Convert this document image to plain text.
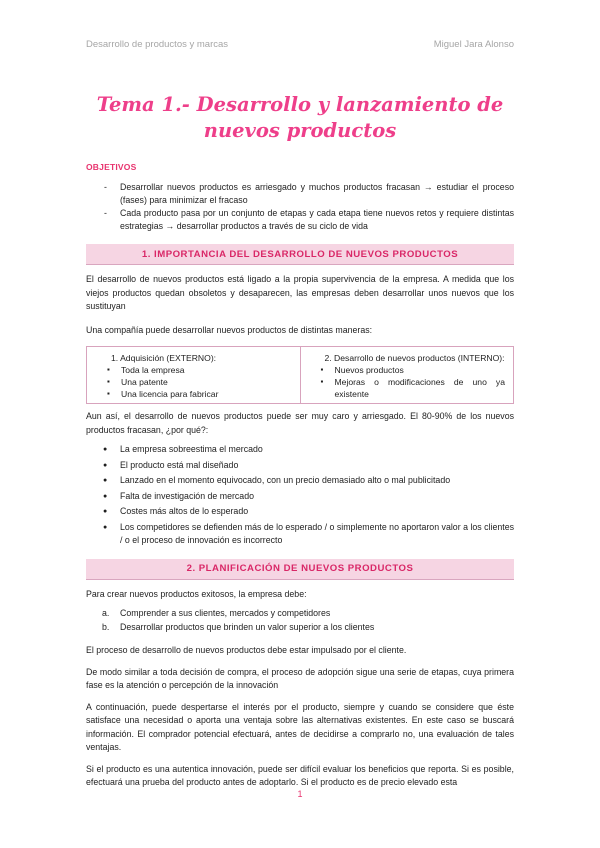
Desarrollo de productos y marcas	Miguel Jara Alonso
Tema 1.- Desarrollo y lanzamiento de nuevos productos
OBJETIVOS
- Desarrollar nuevos productos es arriesgado y muchos productos fracasan → estudiar el proceso (fases) para minimizar el fracaso
- Cada producto pasa por un conjunto de etapas y cada etapa tiene nuevos retos y requiere distintas estrategias → desarrollar productos a través de su ciclo de vida
1. IMPORTANCIA DEL DESARROLLO DE NUEVOS PRODUCTOS

El desarrollo de nuevos productos está ligado a la propia supervivencia de la empresa. A medida que los viejos productos quedan obsoletos y desaparecen, las empresas deben desarrollar unos nuevos que los sustituyan

Una compañía puede desarrollar nuevos productos de distintas maneras:

1. Adquisición (EXTERNO):
▪ Toda la empresa
▪ Una patente
▪ Una licencia para fabricar
2. Desarrollo de nuevos productos (INTERNO):
▪ Nuevos productos
▪ Mejoras o modificaciones de uno ya existente

Aun así, el desarrollo de nuevos productos puede ser muy caro y arriesgado. El 80-90% de los nuevos productos fracasan, ¿por qué?:

● La empresa sobreestima el mercado
● El producto está mal diseñado
● Lanzado en el momento equivocado, con un precio demasiado alto o mal publicitado
● Falta de investigación de mercado
● Costes más altos de lo esperado
● Los competidores se defienden más de lo esperado / o simplemente no aportaron valor a los clientes / o el proceso de innovación es incorrecto
2. PLANIFICACIÓN DE NUEVOS PRODUCTOS

Para crear nuevos productos exitosos, la empresa debe:

a.	Comprender a sus clientes, mercados y competidores
b.	Desarrollar productos que brinden un valor superior a los clientes

El proceso de desarrollo de nuevos productos debe estar impulsado por el cliente.

De modo similar a toda decisión de compra, el proceso de adopción sigue una serie de etapas, cuya primera fase es la atención o percepción de la innovación

A continuación, puede despertarse el interés por el producto, siempre y cuando se considere que éste satisface una necesidad o aporta una ventaja sobre las alternativas existentes. En este caso se buscará información. El comprador potencial efectuará, antes de decidirse a comprarlo no, una evaluación de tales ventajas.

Si el producto es una autentica innovación, puede ser difícil evaluar los beneficios que reporta. Si es posible, efectuará una prueba del producto antes de adoptarlo. Si el producto es de precio elevado esta

1
